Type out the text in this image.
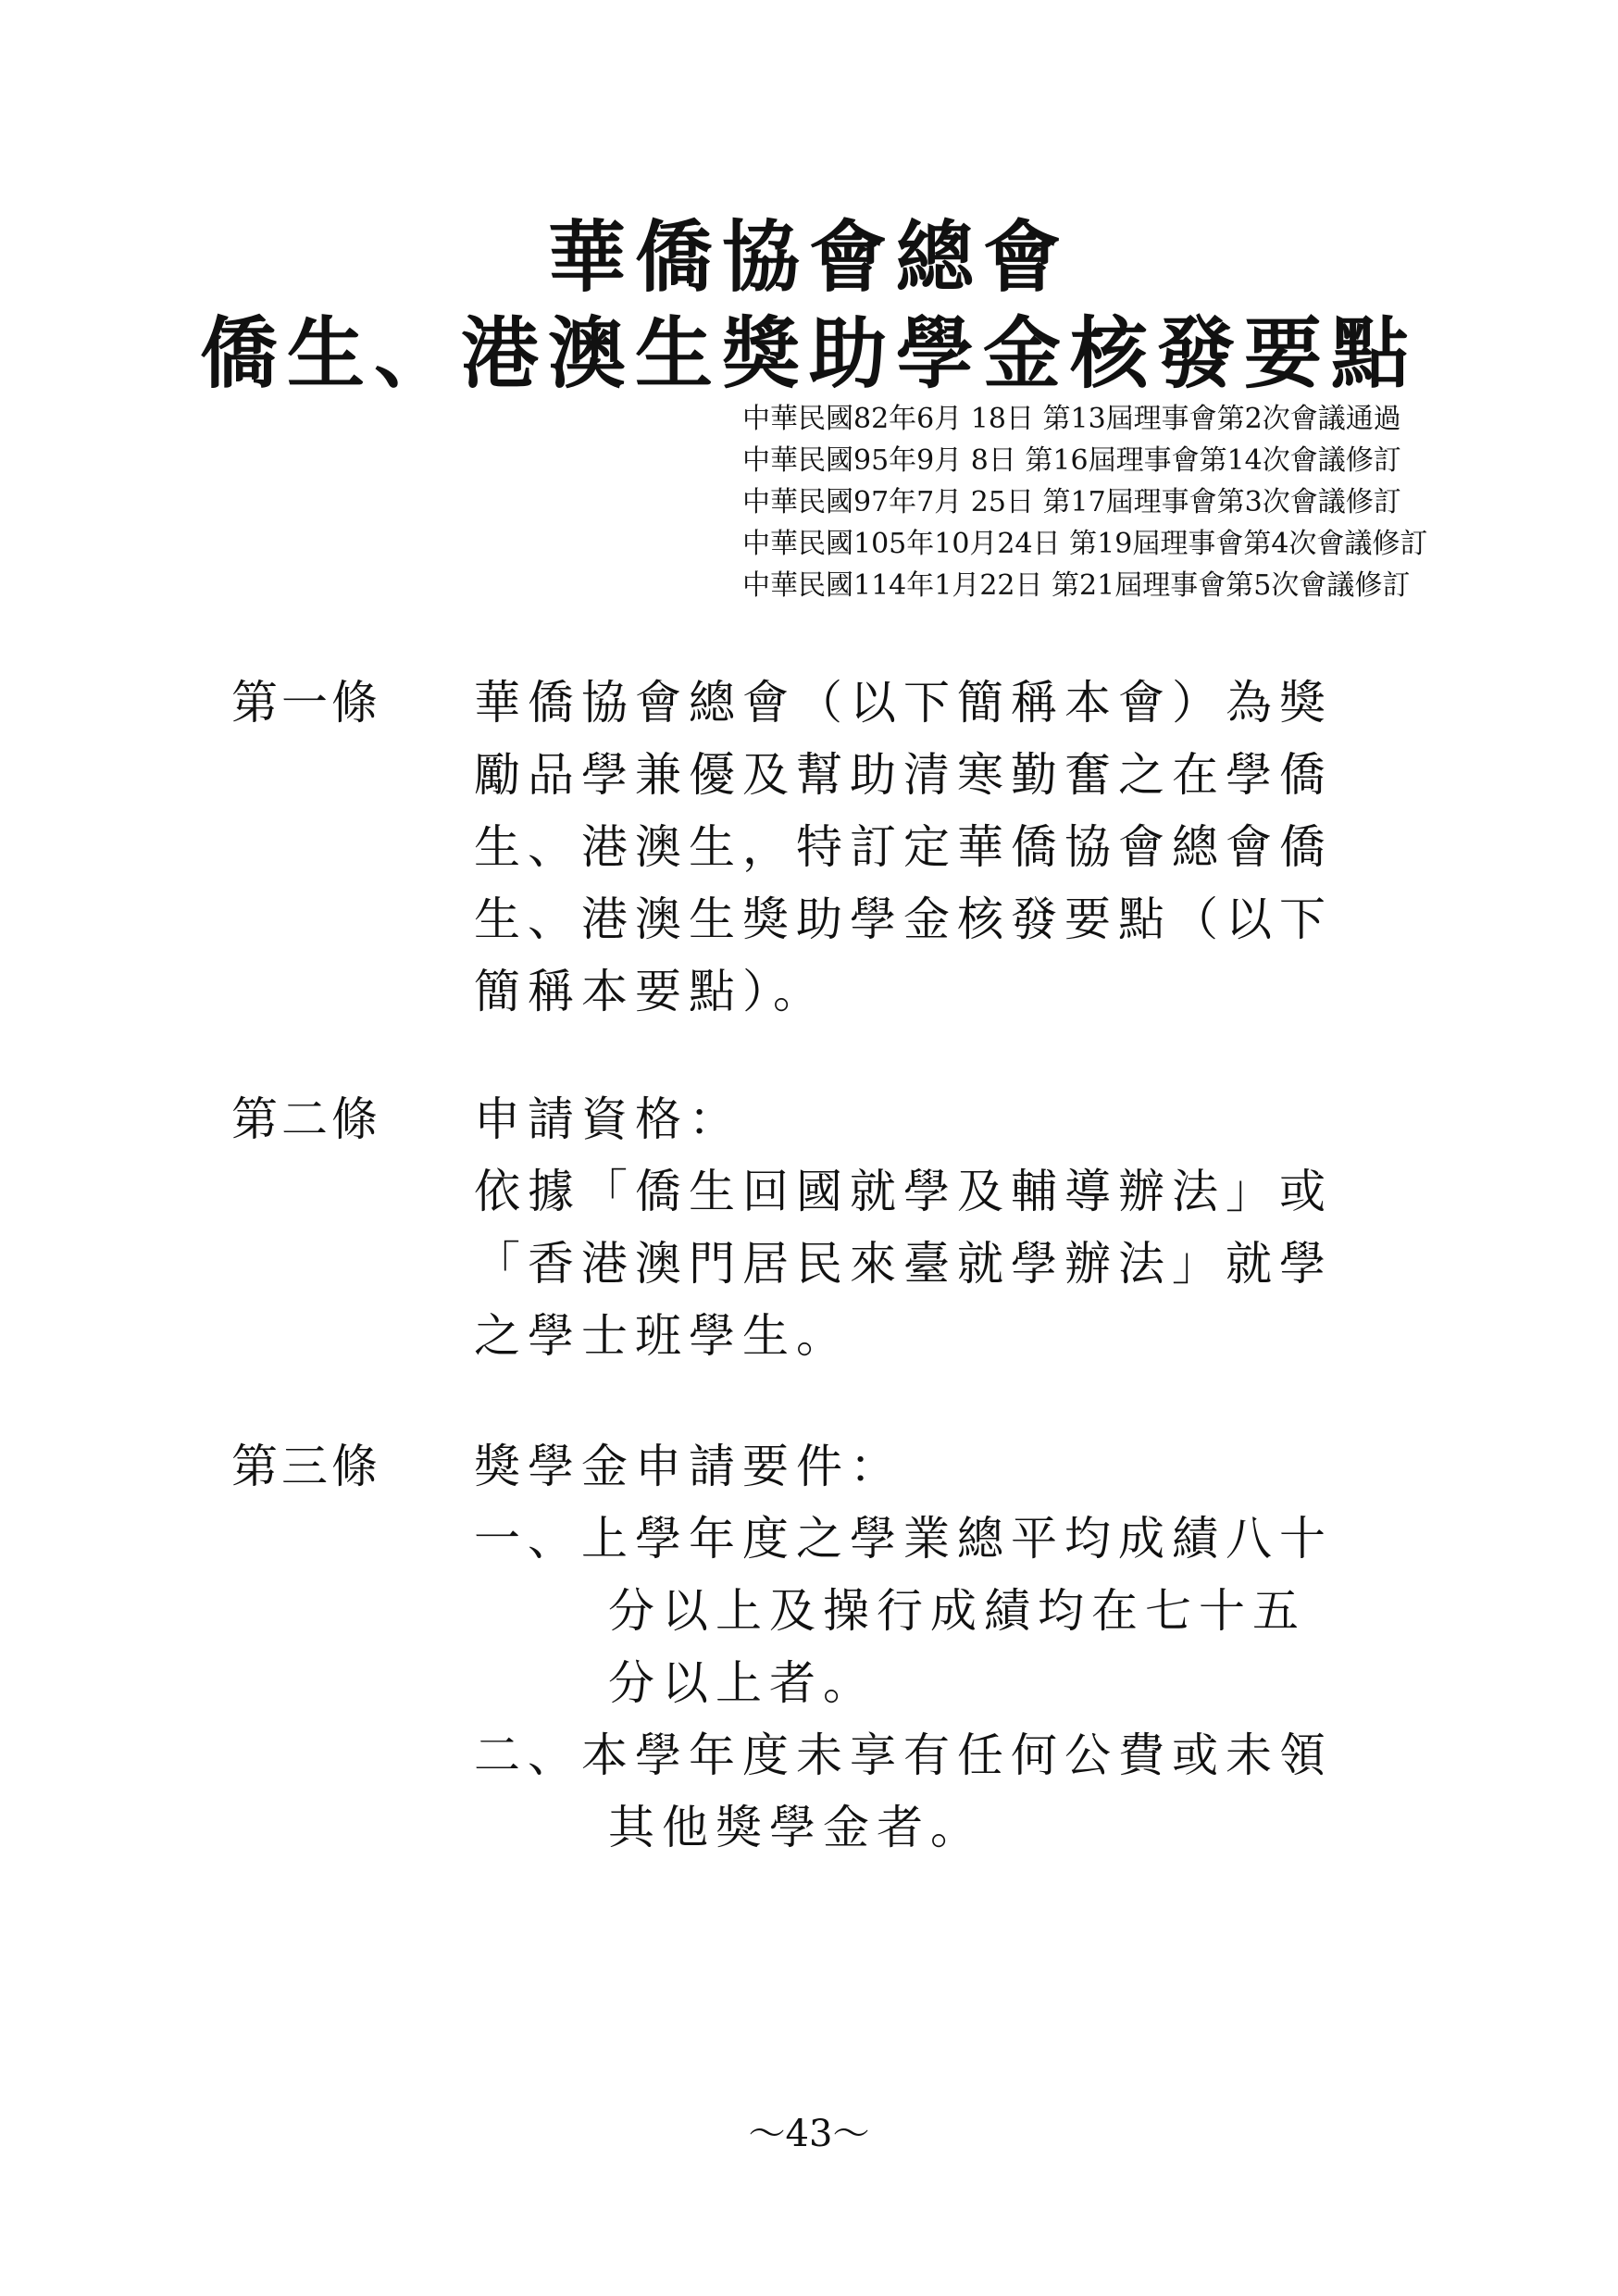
華僑協會總會
僑生、港澳生獎助學金核發要點
中華民國82年6月 18日 第13屆理事會第2次會議通過
中華民國95年9月 8日 第16屆理事會第14次會議修訂
中華民國97年7月 25日 第17屆理事會第3次會議修訂
中華民國105年10月24日 第19屆理事會第4次會議修訂
中華民國114年1月22日 第21屆理事會第5次會議修訂
第一條 華僑協會總會（以下簡稱本會）為獎
勵品學兼優及幫助清寒勤奮之在學僑
生、港澳生，特訂定華僑協會總會僑
生、港澳生獎助學金核發要點（以下
簡稱本要點）。
第二條 申請資格：
依據「僑生回國就學及輔導辦法」或
「香港澳門居民來臺就學辦法」就學
之學士班學生。
第三條 獎學金申請要件：
一、上學年度之學業總平均成績八十
分以上及操行成績均在七十五
分以上者。
二、本學年度未享有任何公費或未領
其他獎學金者。
～43～
